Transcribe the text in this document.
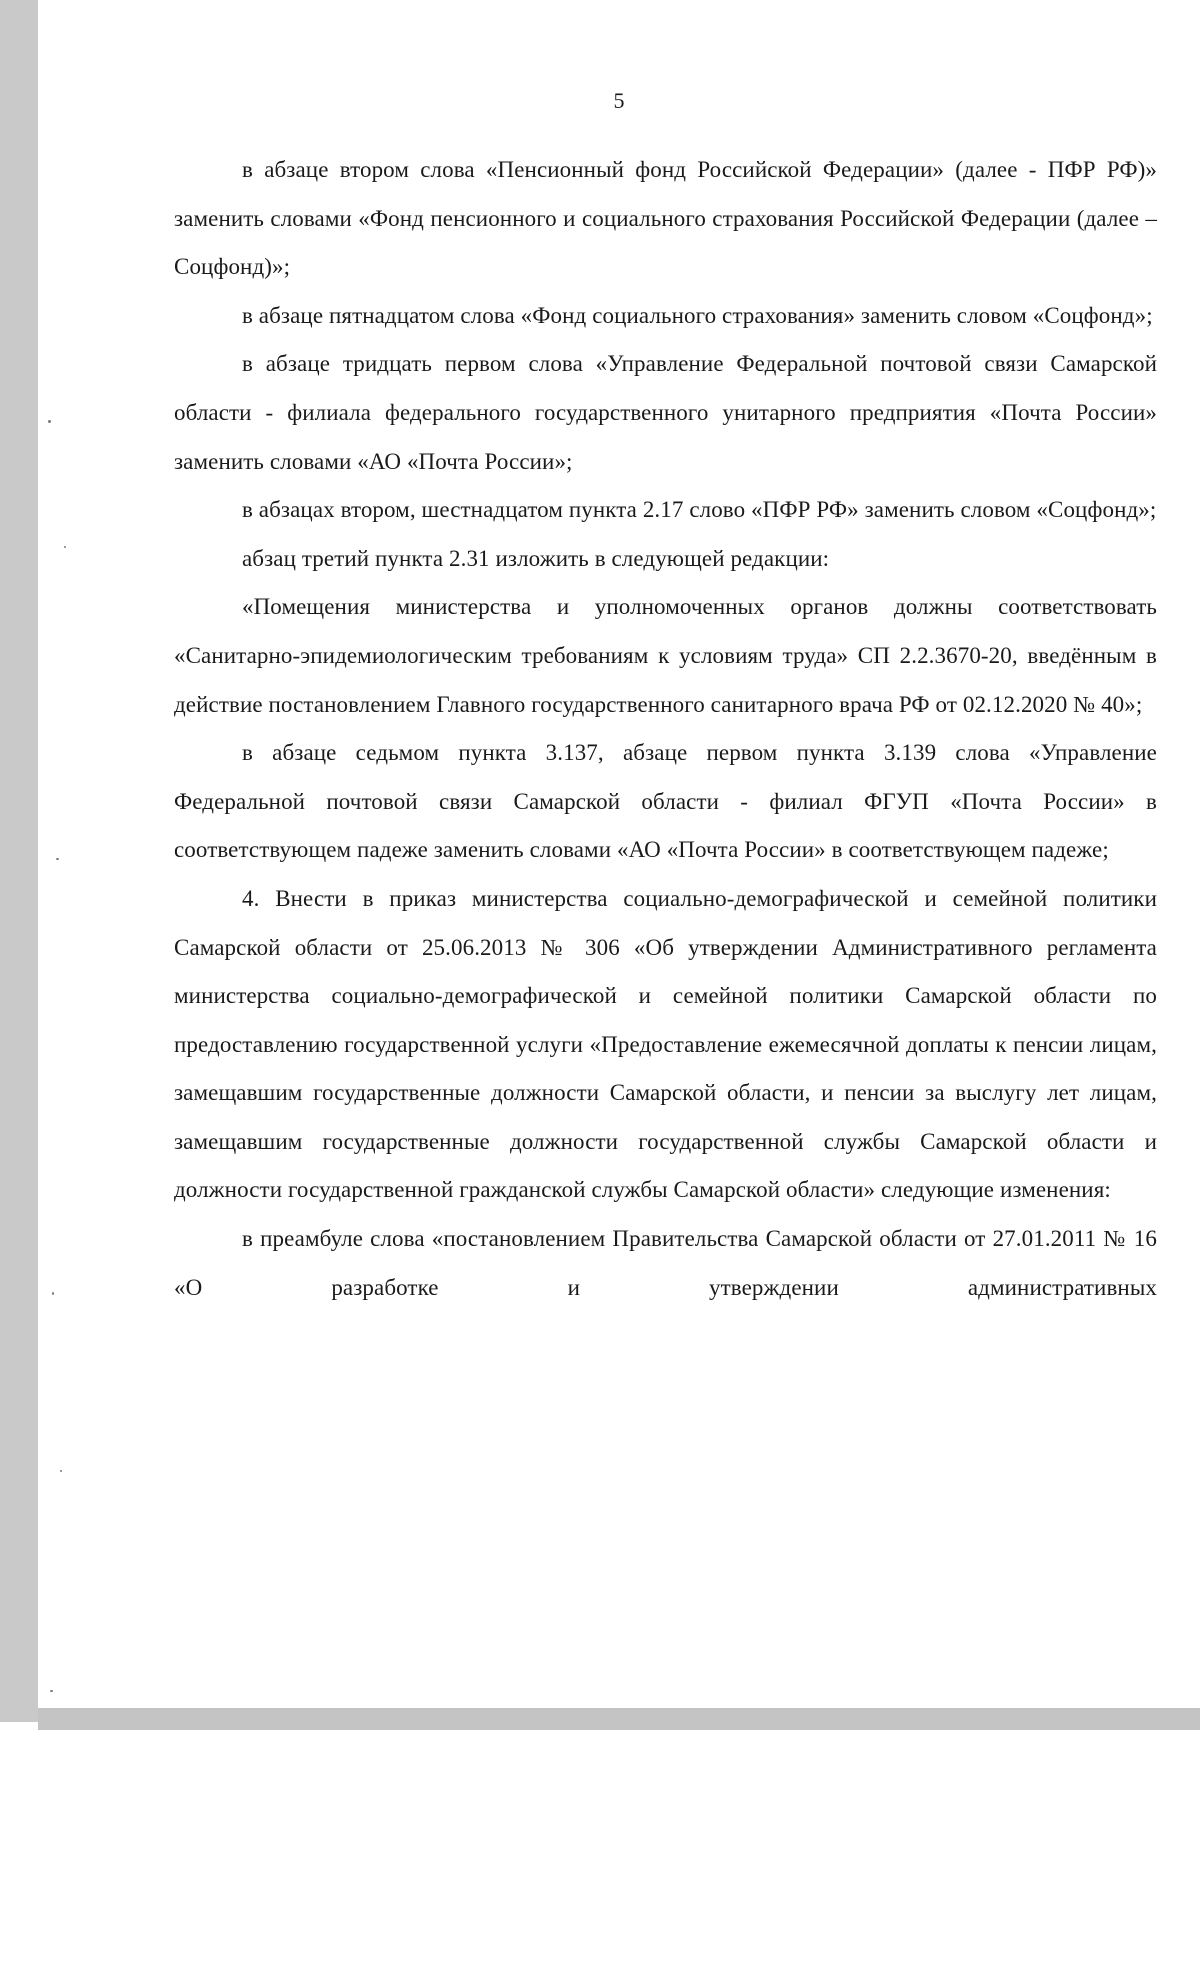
5

в абзаце втором слова «Пенсионный фонд Российской Федерации» (далее - ПФР РФ)» заменить словами «Фонд пенсионного и социального страхования Российской Федерации (далее – Соцфонд)»;

в абзаце пятнадцатом слова «Фонд социального страхования» заменить словом «Соцфонд»;

в абзаце тридцать первом слова «Управление Федеральной почтовой связи Самарской области - филиала федерального государственного унитарного предприятия «Почта России» заменить словами «АО «Почта России»;

в абзацах втором, шестнадцатом пункта 2.17 слово «ПФР РФ» заменить словом «Соцфонд»;

абзац третий пункта 2.31 изложить в следующей редакции:

«Помещения министерства и уполномоченных органов должны соответствовать «Санитарно-эпидемиологическим требованиям к условиям труда» СП 2.2.3670-20, введённым в действие постановлением Главного государственного санитарного врача РФ от 02.12.2020 № 40»;

в абзаце седьмом пункта 3.137, абзаце первом пункта 3.139 слова «Управление Федеральной почтовой связи Самарской области - филиал ФГУП «Почта России» в соответствующем падеже заменить словами «АО «Почта России» в соответствующем падеже;

4. Внести в приказ министерства социально-демографической и семейной политики Самарской области от 25.06.2013 № 306 «Об утверждении Административного регламента министерства социально-демографической и семейной политики Самарской области по предоставлению государственной услуги «Предоставление ежемесячной доплаты к пенсии лицам, замещавшим государственные должности Самарской области, и пенсии за выслугу лет лицам, замещавшим государственные должности государственной службы Самарской области и должности государственной гражданской службы Самарской области» следующие изменения:

в преамбуле слова «постановлением Правительства Самарской области от 27.01.2011 № 16 «О разработке и утверждении административных
